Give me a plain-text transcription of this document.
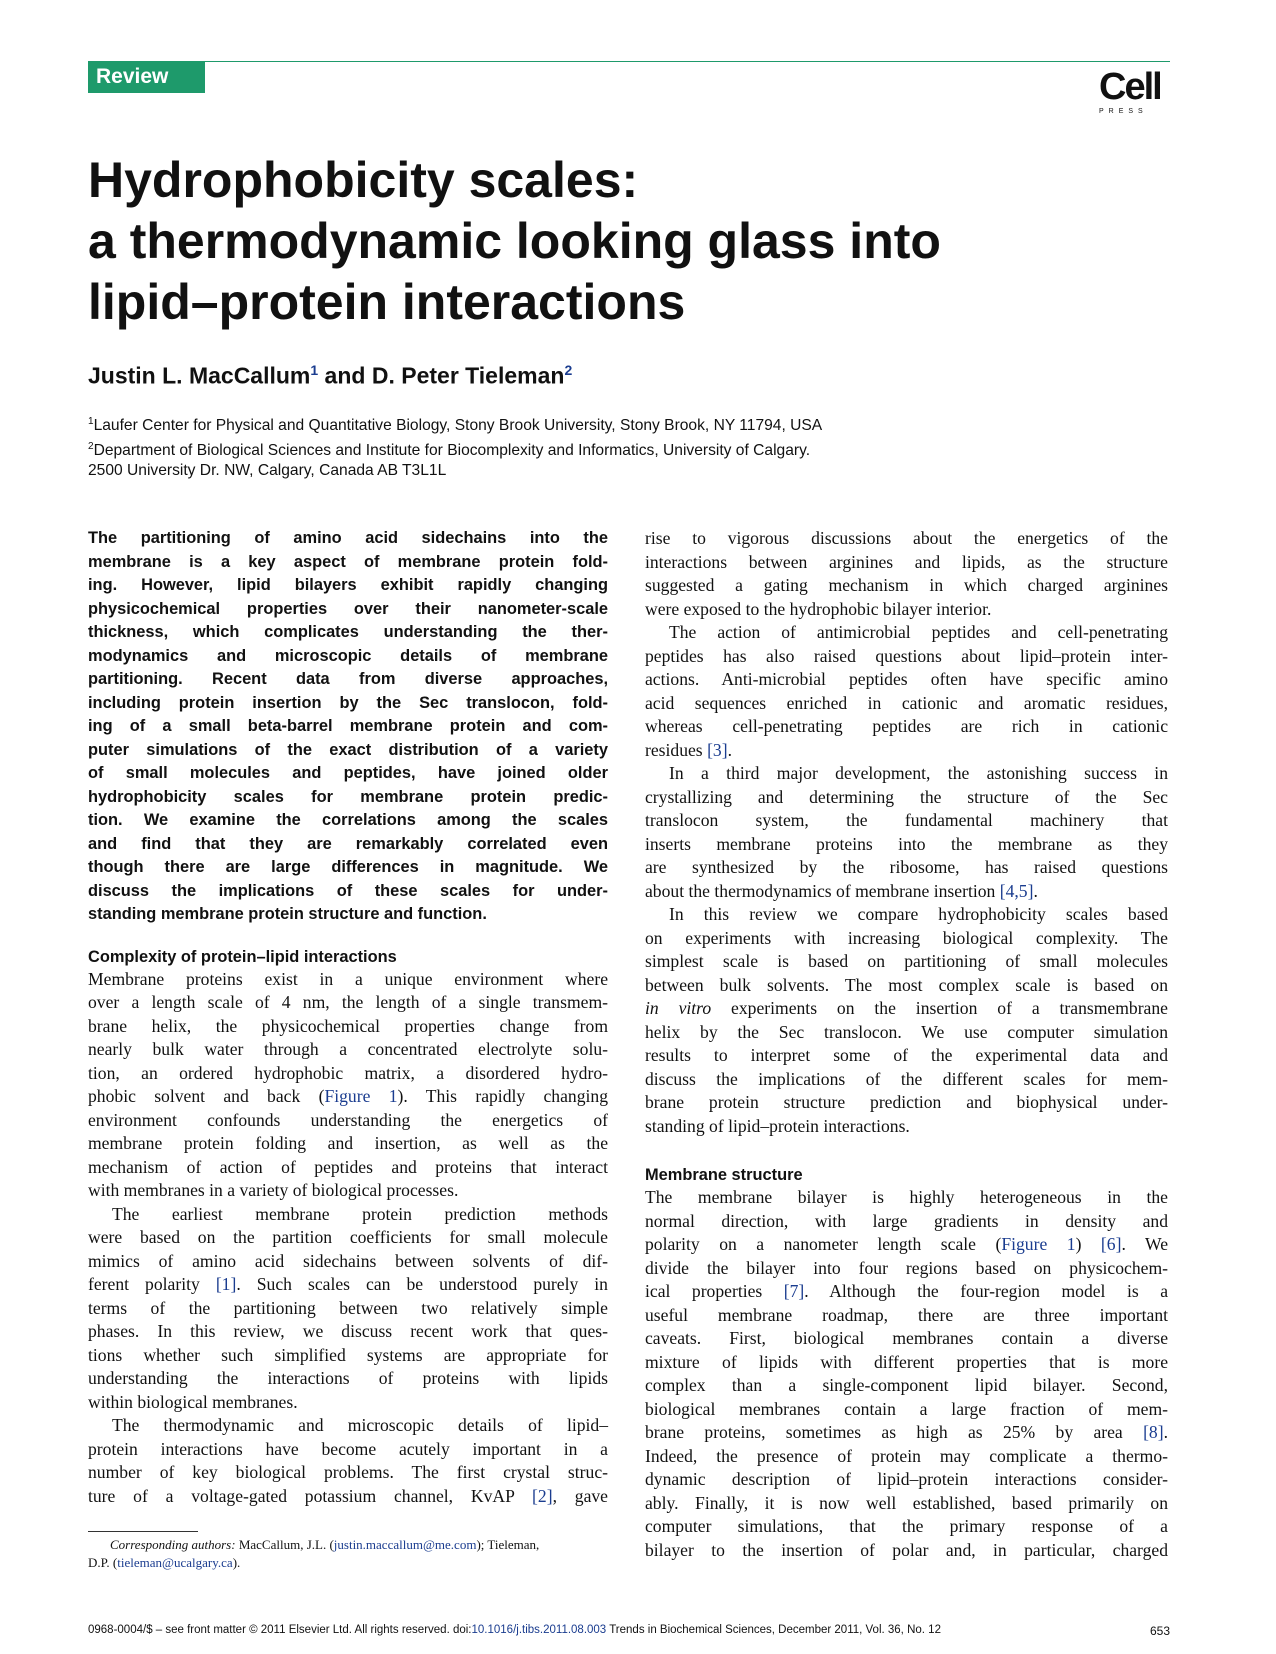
Review	Cell
PRESS
Hydrophobicity scales:
a thermodynamic looking glass into
lipid–protein interactions
Justin L. MacCallum$^1$ and D. Peter Tieleman$^2$
$^1$Laufer Center for Physical and Quantitative Biology, Stony Brook University, Stony Brook, NY 11794, USA
$^2$Department of Biological Sciences and Institute for Biocomplexity and Informatics, University of Calgary.
2500 University Dr. NW, Calgary, Canada AB T3L1L
The partitioning of amino acid sidechains into the
membrane is a key aspect of membrane protein fold-
ing. However, lipid bilayers exhibit rapidly changing
physicochemical properties over their nanometer-scale
thickness, which complicates understanding the ther-
modynamics and microscopic details of membrane
partitioning. Recent data from diverse approaches,
including protein insertion by the Sec translocon, fold-
ing of a small beta-barrel membrane protein and com-
puter simulations of the exact distribution of a variety
of small molecules and peptides, have joined older
hydrophobicity scales for membrane protein predic-
tion. We examine the correlations among the scales
and find that they are remarkably correlated even
though there are large differences in magnitude. We
discuss the implications of these scales for under-
standing membrane protein structure and function.
Complexity of protein–lipid interactions
Membrane proteins exist in a unique environment where
over a length scale of 4 nm, the length of a single transmem-
brane helix, the physicochemical properties change from
nearly bulk water through a concentrated electrolyte solu-
tion, an ordered hydrophobic matrix, a disordered hydro-
phobic solvent and back (Figure 1). This rapidly changing
environment confounds understanding the energetics of
membrane protein folding and insertion, as well as the
mechanism of action of peptides and proteins that interact
with membranes in a variety of biological processes.
The earliest membrane protein prediction methods
were based on the partition coefficients for small molecule
mimics of amino acid sidechains between solvents of dif-
ferent polarity [1]. Such scales can be understood purely in
terms of the partitioning between two relatively simple
phases. In this review, we discuss recent work that ques-
tions whether such simplified systems are appropriate for
understanding the interactions of proteins with lipids
within biological membranes.
The thermodynamic and microscopic details of lipid–
protein interactions have become acutely important in a
number of key biological problems. The first crystal struc-
ture of a voltage-gated potassium channel, KvAP [2], gave
rise to vigorous discussions about the energetics of the
interactions between arginines and lipids, as the structure
suggested a gating mechanism in which charged arginines
were exposed to the hydrophobic bilayer interior.
The action of antimicrobial peptides and cell-penetrating
peptides has also raised questions about lipid–protein inter-
actions. Anti-microbial peptides often have specific amino
acid sequences enriched in cationic and aromatic residues,
whereas cell-penetrating peptides are rich in cationic
residues [3].
In a third major development, the astonishing success in
crystallizing and determining the structure of the Sec
translocon system, the fundamental machinery that
inserts membrane proteins into the membrane as they
are synthesized by the ribosome, has raised questions
about the thermodynamics of membrane insertion [4,5].
In this review we compare hydrophobicity scales based
on experiments with increasing biological complexity. The
simplest scale is based on partitioning of small molecules
between bulk solvents. The most complex scale is based on
in vitro experiments on the insertion of a transmembrane
helix by the Sec translocon. We use computer simulation
results to interpret some of the experimental data and
discuss the implications of the different scales for mem-
brane protein structure prediction and biophysical under-
standing of lipid–protein interactions.
Membrane structure
The membrane bilayer is highly heterogeneous in the
normal direction, with large gradients in density and
polarity on a nanometer length scale (Figure 1) [6]. We
divide the bilayer into four regions based on physicochem-
ical properties [7]. Although the four-region model is a
useful membrane roadmap, there are three important
caveats. First, biological membranes contain a diverse
mixture of lipids with different properties that is more
complex than a single-component lipid bilayer. Second,
biological membranes contain a large fraction of mem-
brane proteins, sometimes as high as 25% by area [8].
Indeed, the presence of protein may complicate a thermo-
dynamic description of lipid–protein interactions consider-
ably. Finally, it is now well established, based primarily on
computer simulations, that the primary response of a
bilayer to the insertion of polar and, in particular, charged
Corresponding authors: MacCallum, J.L. (justin.maccallum@me.com); Tieleman,
D.P. (tieleman@ucalgary.ca).
0968-0004/$ – see front matter © 2011 Elsevier Ltd. All rights reserved. doi:10.1016/j.tibs.2011.08.003 Trends in Biochemical Sciences, December 2011, Vol. 36, No. 12	653
